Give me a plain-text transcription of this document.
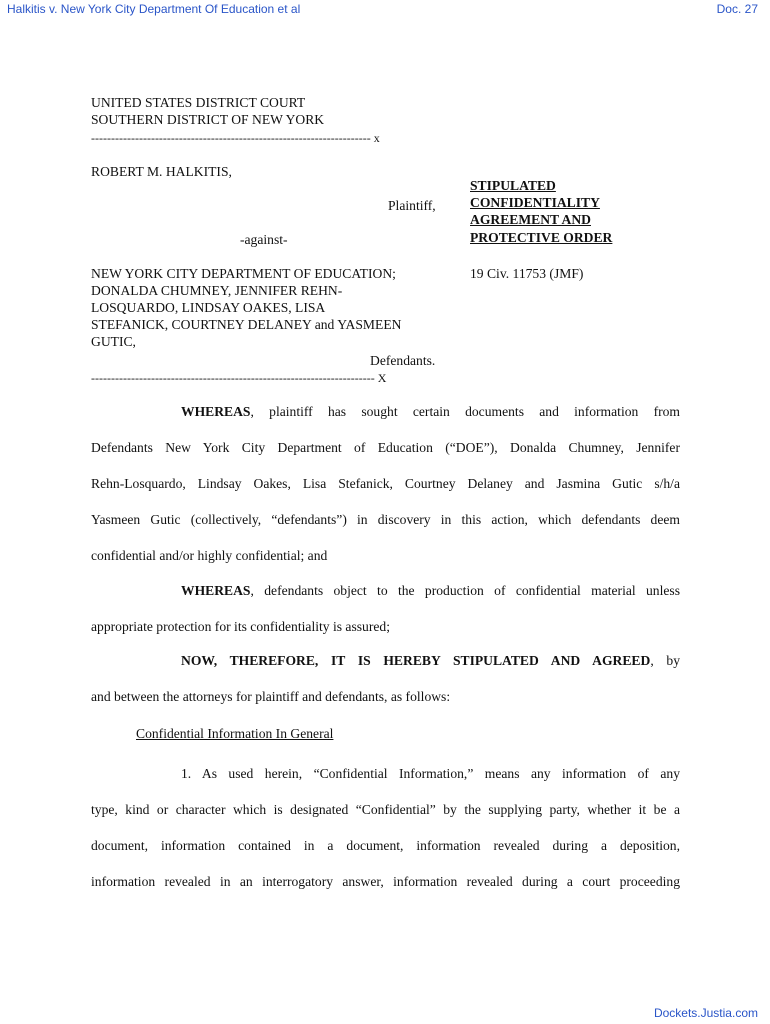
Halkitis v. New York City Department Of Education et al	Doc. 27
Dockets.Justia.com
UNITED STATES DISTRICT COURT
SOUTHERN DISTRICT OF NEW YORK
---------------------------------------------------------------------- x
ROBERT M. HALKITIS,
Plaintiff,
-against-
NEW YORK CITY DEPARTMENT OF EDUCATION;
DONALDA CHUMNEY, JENNIFER REHN-
LOSQUARDO, LINDSAY OAKES, LISA
STEFANICK, COURTNEY DELANEY and YASMEEN
GUTIC,
Defendants.
----------------------------------------------------------------------- X
STIPULATED
CONFIDENTIALITY
AGREEMENT AND
PROTECTIVE ORDER
19 Civ. 11753 (JMF)
WHEREAS, plaintiff has sought certain documents and information from
Defendants New York City Department of Education (“DOE”), Donalda Chumney, Jennifer
Rehn-Losquardo, Lindsay Oakes, Lisa Stefanick, Courtney Delaney and Jasmina Gutic s/h/a
Yasmeen Gutic (collectively, “defendants”) in discovery in this action, which defendants deem
confidential and/or highly confidential; and
WHEREAS, defendants object to the production of confidential material unless
appropriate protection for its confidentiality is assured;
NOW, THEREFORE, IT IS HEREBY STIPULATED AND AGREED, by
and between the attorneys for plaintiff and defendants, as follows:
Confidential Information In General
1. As used herein, “Confidential Information,” means any information of any
type, kind or character which is designated “Confidential” by the supplying party, whether it be a
document, information contained in a document, information revealed during a deposition,
information revealed in an interrogatory answer, information revealed during a court proceeding
